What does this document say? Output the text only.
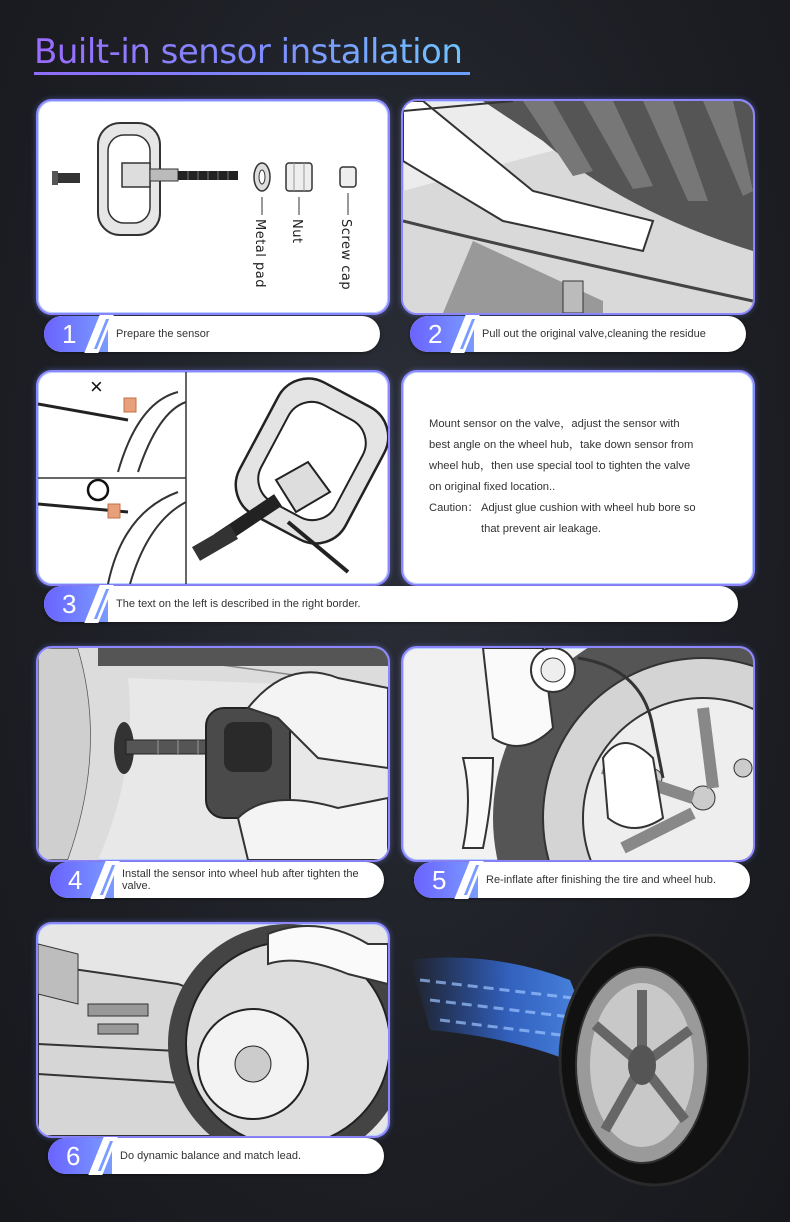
Built-in sensor installation
Metal pad Nut	Screw cap
1	Prepare the sensor	2	Pull out the original valve,cleaning the residue
×

Mount sensor on the valve，adjust the sensor with

best angle on the wheel hub，take down sensor from

wheel hub，then use special tool to tighten the valve

on original fixed location..

Caution： Adjust glue cushion with wheel hub bore so

that prevent air leakage.

3	The text on the left is described in the right border.
4	Install the sensor into wheel hub after tighten the valve.	5	Re-inflate after finishing the tire and wheel hub.
6	Do dynamic balance and match lead.
